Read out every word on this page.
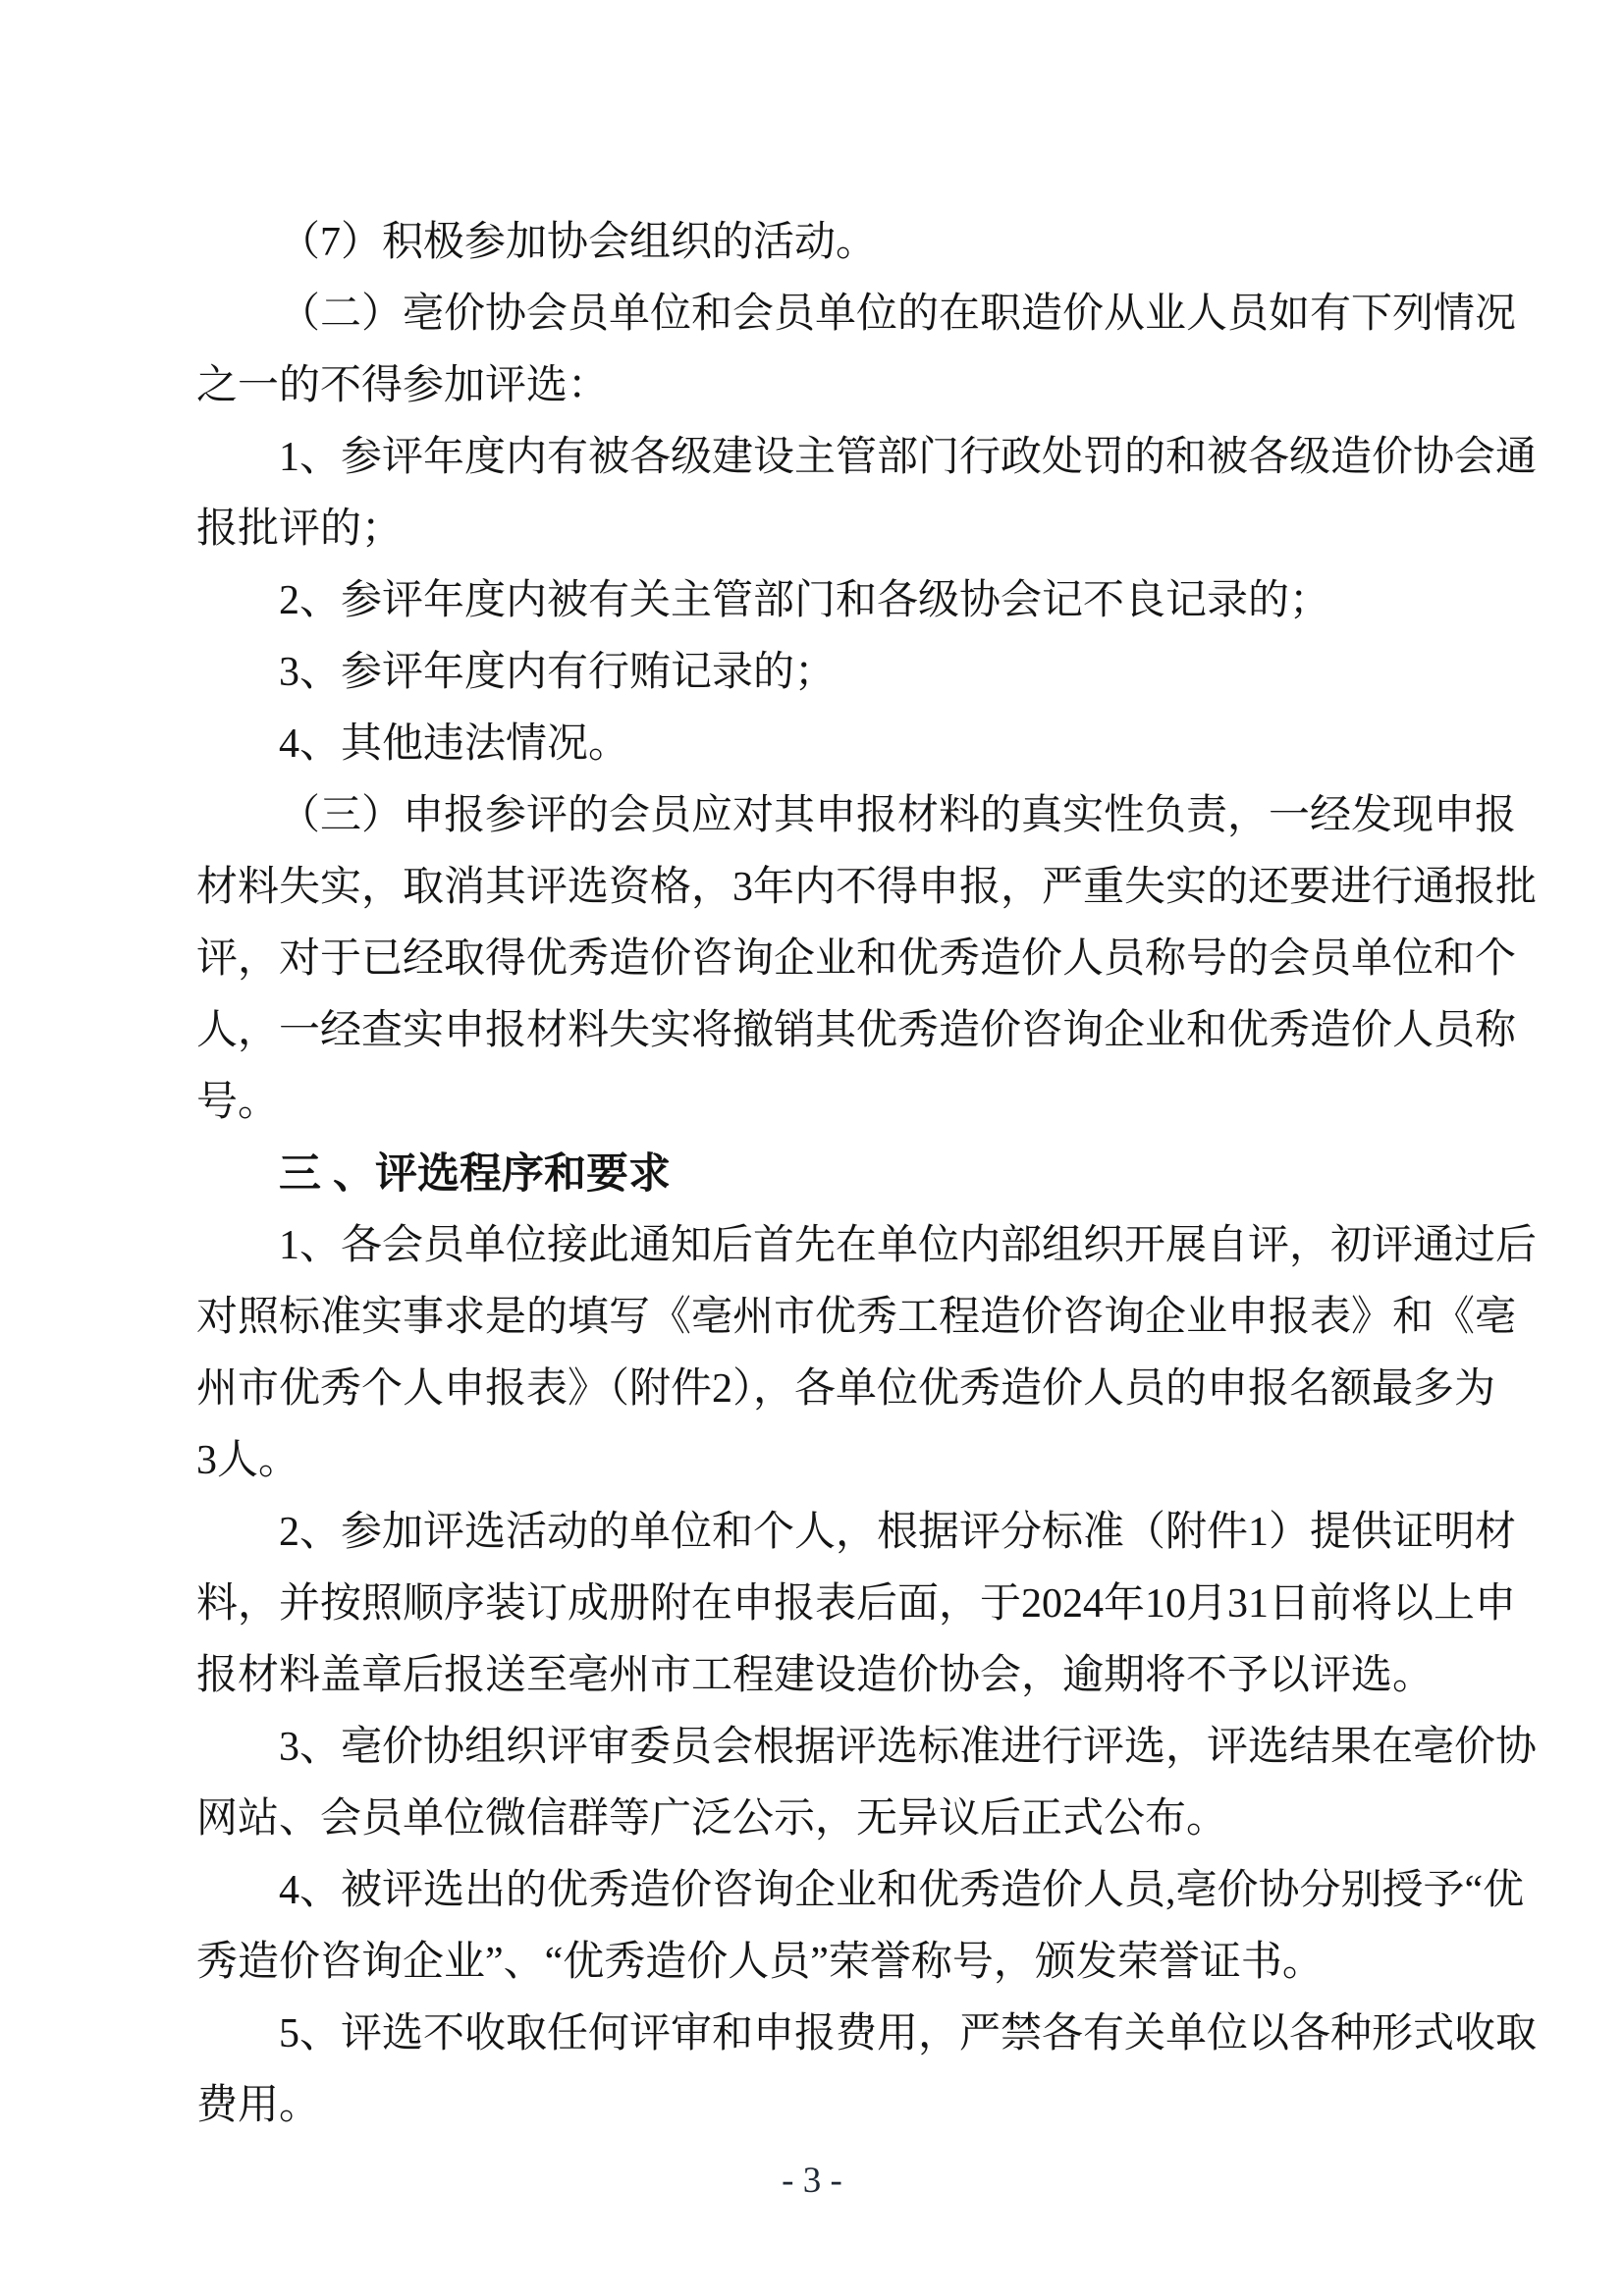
（7）积极参加协会组织的活动。
（二）亳价协会员单位和会员单位的在职造价从业人员如有下列情况
之一的不得参加评选：
1、参评年度内有被各级建设主管部门行政处罚的和被各级造价协会通
报批评的；
2、参评年度内被有关主管部门和各级协会记不良记录的；
3、参评年度内有行贿记录的；
4、其他违法情况。
（三）申报参评的会员应对其申报材料的真实性负责，一经发现申报
材料失实，取消其评选资格，3年内不得申报，严重失实的还要进行通报批
评，对于已经取得优秀造价咨询企业和优秀造价人员称号的会员单位和个
人，一经查实申报材料失实将撤销其优秀造价咨询企业和优秀造价人员称
号。
三 、评选程序和要求
1、各会员单位接此通知后首先在单位内部组织开展自评，初评通过后
对照标准实事求是的填写《亳州市优秀工程造价咨询企业申报表》和《亳
州市优秀个人申报表》（附件2），各单位优秀造价人员的申报名额最多为
3人。
2、参加评选活动的单位和个人，根据评分标准（附件1）提供证明材
料，并按照顺序装订成册附在申报表后面，于2024年10月31日前将以上申
报材料盖章后报送至亳州市工程建设造价协会，逾期将不予以评选。
3、亳价协组织评审委员会根据评选标准进行评选，评选结果在亳价协
网站、会员单位微信群等广泛公示，无异议后正式公布。
4、被评选出的优秀造价咨询企业和优秀造价人员,亳价协分别授予“优
秀造价咨询企业”、“优秀造价人员”荣誉称号，颁发荣誉证书。
5、评选不收取任何评审和申报费用，严禁各有关单位以各种形式收取
费用。
- 3 -
